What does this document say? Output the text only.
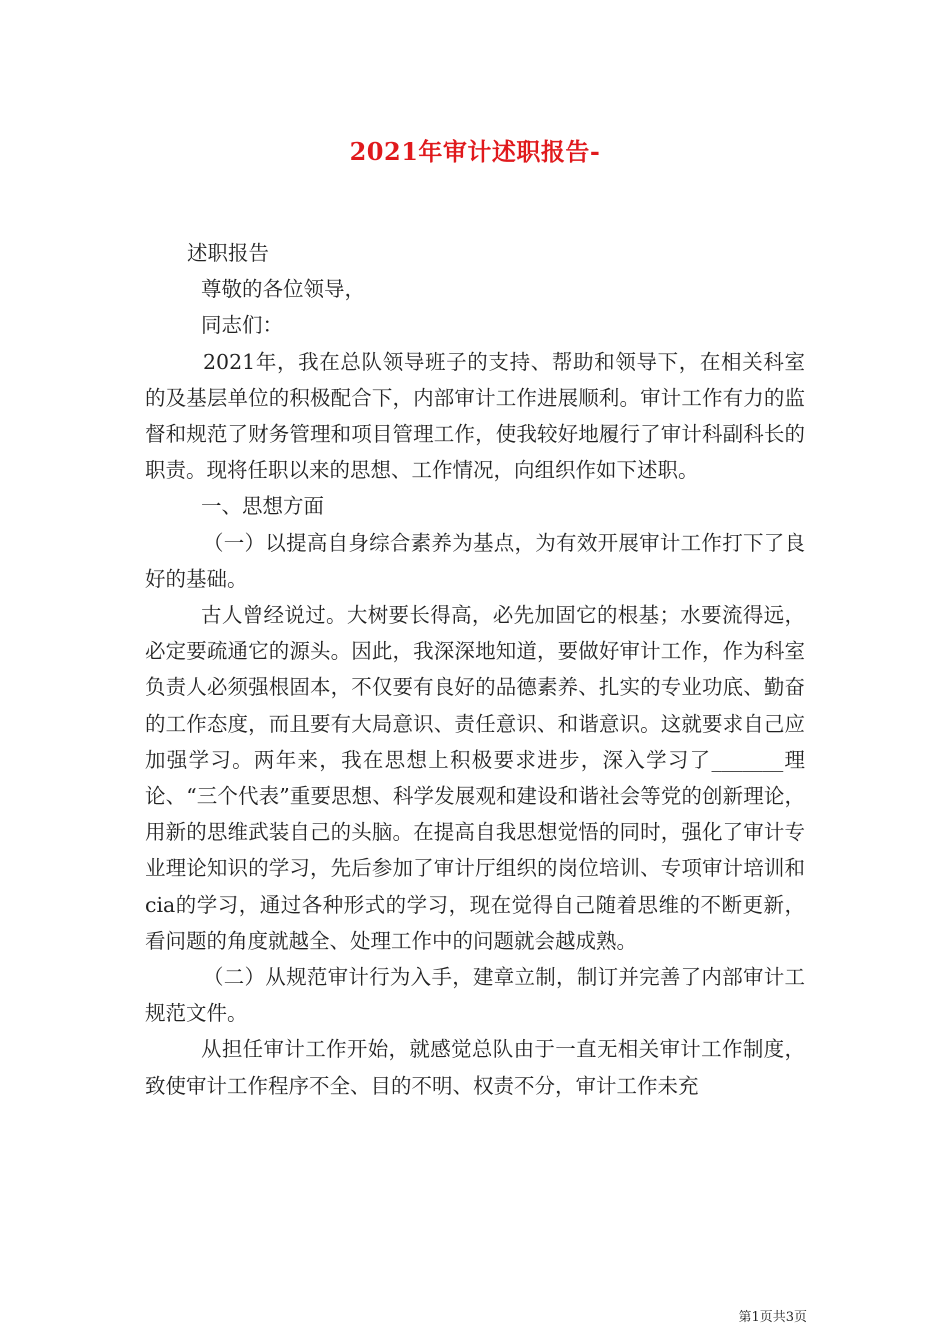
2021年审计述职报告-

述职报告

尊敬的各位领导，

同志们：

2021年，我在总队领导班子的支持、帮助和领导下，在相关科室的及基层单位的积极配合下，内部审计工作进展顺利。审计工作有力的监督和规范了财务管理和项目管理工作，使我较好地履行了审计科副科长的职责。现将任职以来的思想、工作情况，向组织作如下述职。

一、思想方面

（一）以提高自身综合素养为基点，为有效开展审计工作打下了良好的基础。

古人曾经说过。大树要长得高，必先加固它的根基；水要流得远，必定要疏通它的源头。因此，我深深地知道，要做好审计工作，作为科室负责人必须强根固本，不仅要有良好的品德素养、扎实的专业功底、勤奋的工作态度，而且要有大局意识、责任意识、和谐意识。这就要求自己应加强学习。两年来，我在思想上积极要求进步，深入学习了_______理论、“三个代表”重要思想、科学发展观和建设和谐社会等党的创新理论，用新的思维武装自己的头脑。在提高自我思想觉悟的同时，强化了审计专业理论知识的学习，先后参加了审计厅组织的岗位培训、专项审计培训和cia的学习，通过各种形式的学习，现在觉得自己随着思维的不断更新，看问题的角度就越全、处理工作中的问题就会越成熟。

（二）从规范审计行为入手，建章立制，制订并完善了内部审计工规范文件。

从担任审计工作开始，就感觉总队由于一直无相关审计工作制度，致使审计工作程序不全、目的不明、权责不分，审计工作未充

第1页共3页
